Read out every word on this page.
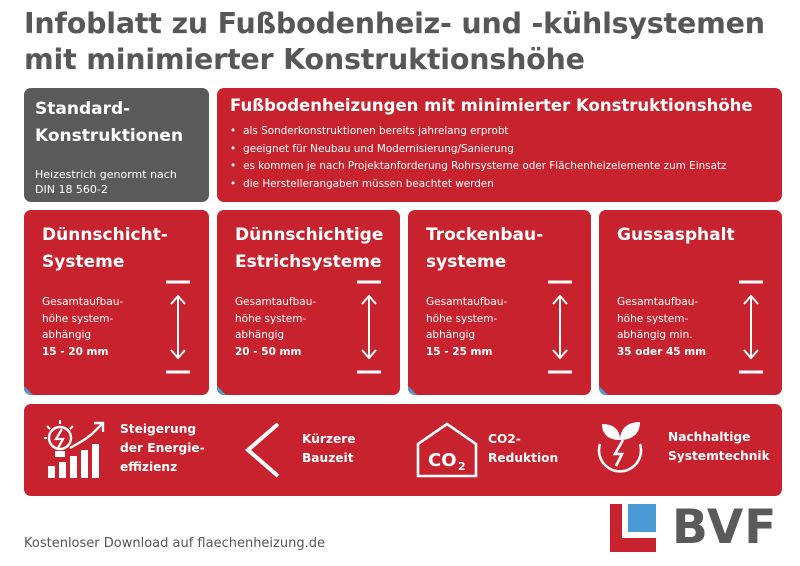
Infoblatt zu Fußbodenheiz- und -kühlsystemen
mit minimierter Konstruktionshöhe
Standard-
Konstruktionen
Heizestrich genormt nach
DIN 18 560-2
Fußbodenheizungen mit minimierter Konstruktionshöhe
• als Sonderkonstruktionen bereits jahrelang erprobt
• geeignet für Neubau und Modernisierung/Sanierung
• es kommen je nach Projektanforderung Rohrsysteme oder Flächenheizelemente zum Einsatz
• die Herstellerangaben müssen beachtet werden
Dünnschicht-
Systeme
Gesamtaufbau-
höhe system-
abhängig
15 - 20 mm
Dünnschichtige
Estrichsysteme
Gesamtaufbau-
höhe system-
abhängig
20 - 50 mm
Trockenbau-
systeme
Gesamtaufbau-
höhe system-
abhängig
15 - 25 mm
Gussasphalt
Gesamtaufbau-
höhe system-
abhängig min.
35 oder 45 mm
Steigerung
der Energie-
effizienz
Kürzere
Bauzeit	CO 2
CO2-
Reduktion
Nachhaltige
Systemtechnik
Kostenloser Download auf flaechenheizung.de	BVF
